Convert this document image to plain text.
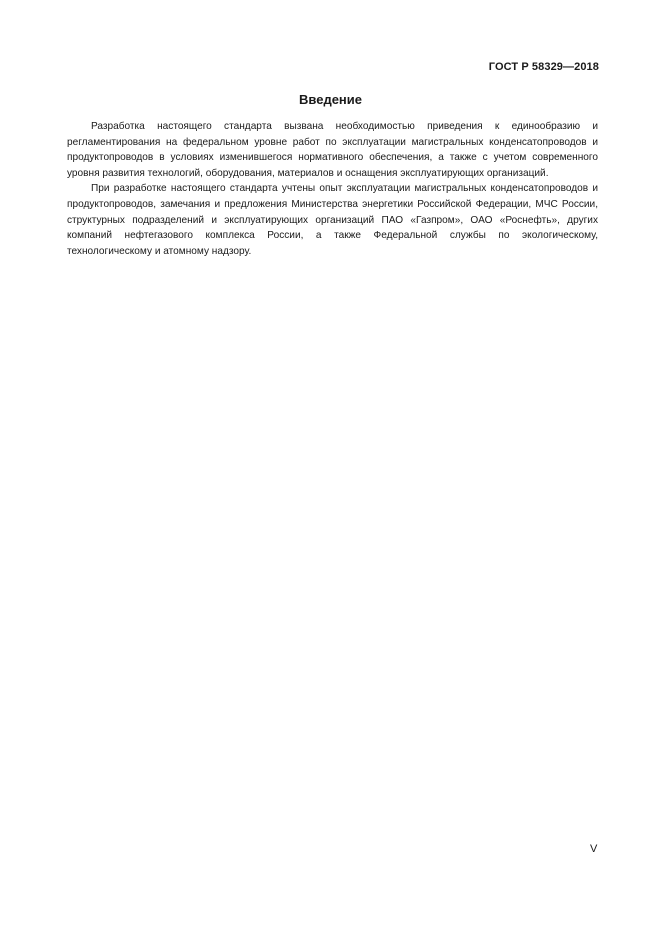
ГОСТ Р 58329—2018
Введение

Разработка настоящего стандарта вызвана необходимостью приведения к единообразию и регламентирования на федеральном уровне работ по эксплуатации магистральных конденсатопроводов и продуктопроводов в условиях изменившегося нормативного обеспечения, а также с учетом современного уровня развития технологий, оборудования, материалов и оснащения эксплуатирующих организаций.

При разработке настоящего стандарта учтены опыт эксплуатации магистральных конденсатопроводов и продуктопроводов, замечания и предложения Министерства энергетики Российской Федерации, МЧС России, структурных подразделений и эксплуатирующих организаций ПАО «Газпром», ОАО «Роснефть», других компаний нефтегазового комплекса России, а также Федеральной службы по экологическому, технологическому и атомному надзору.

V
